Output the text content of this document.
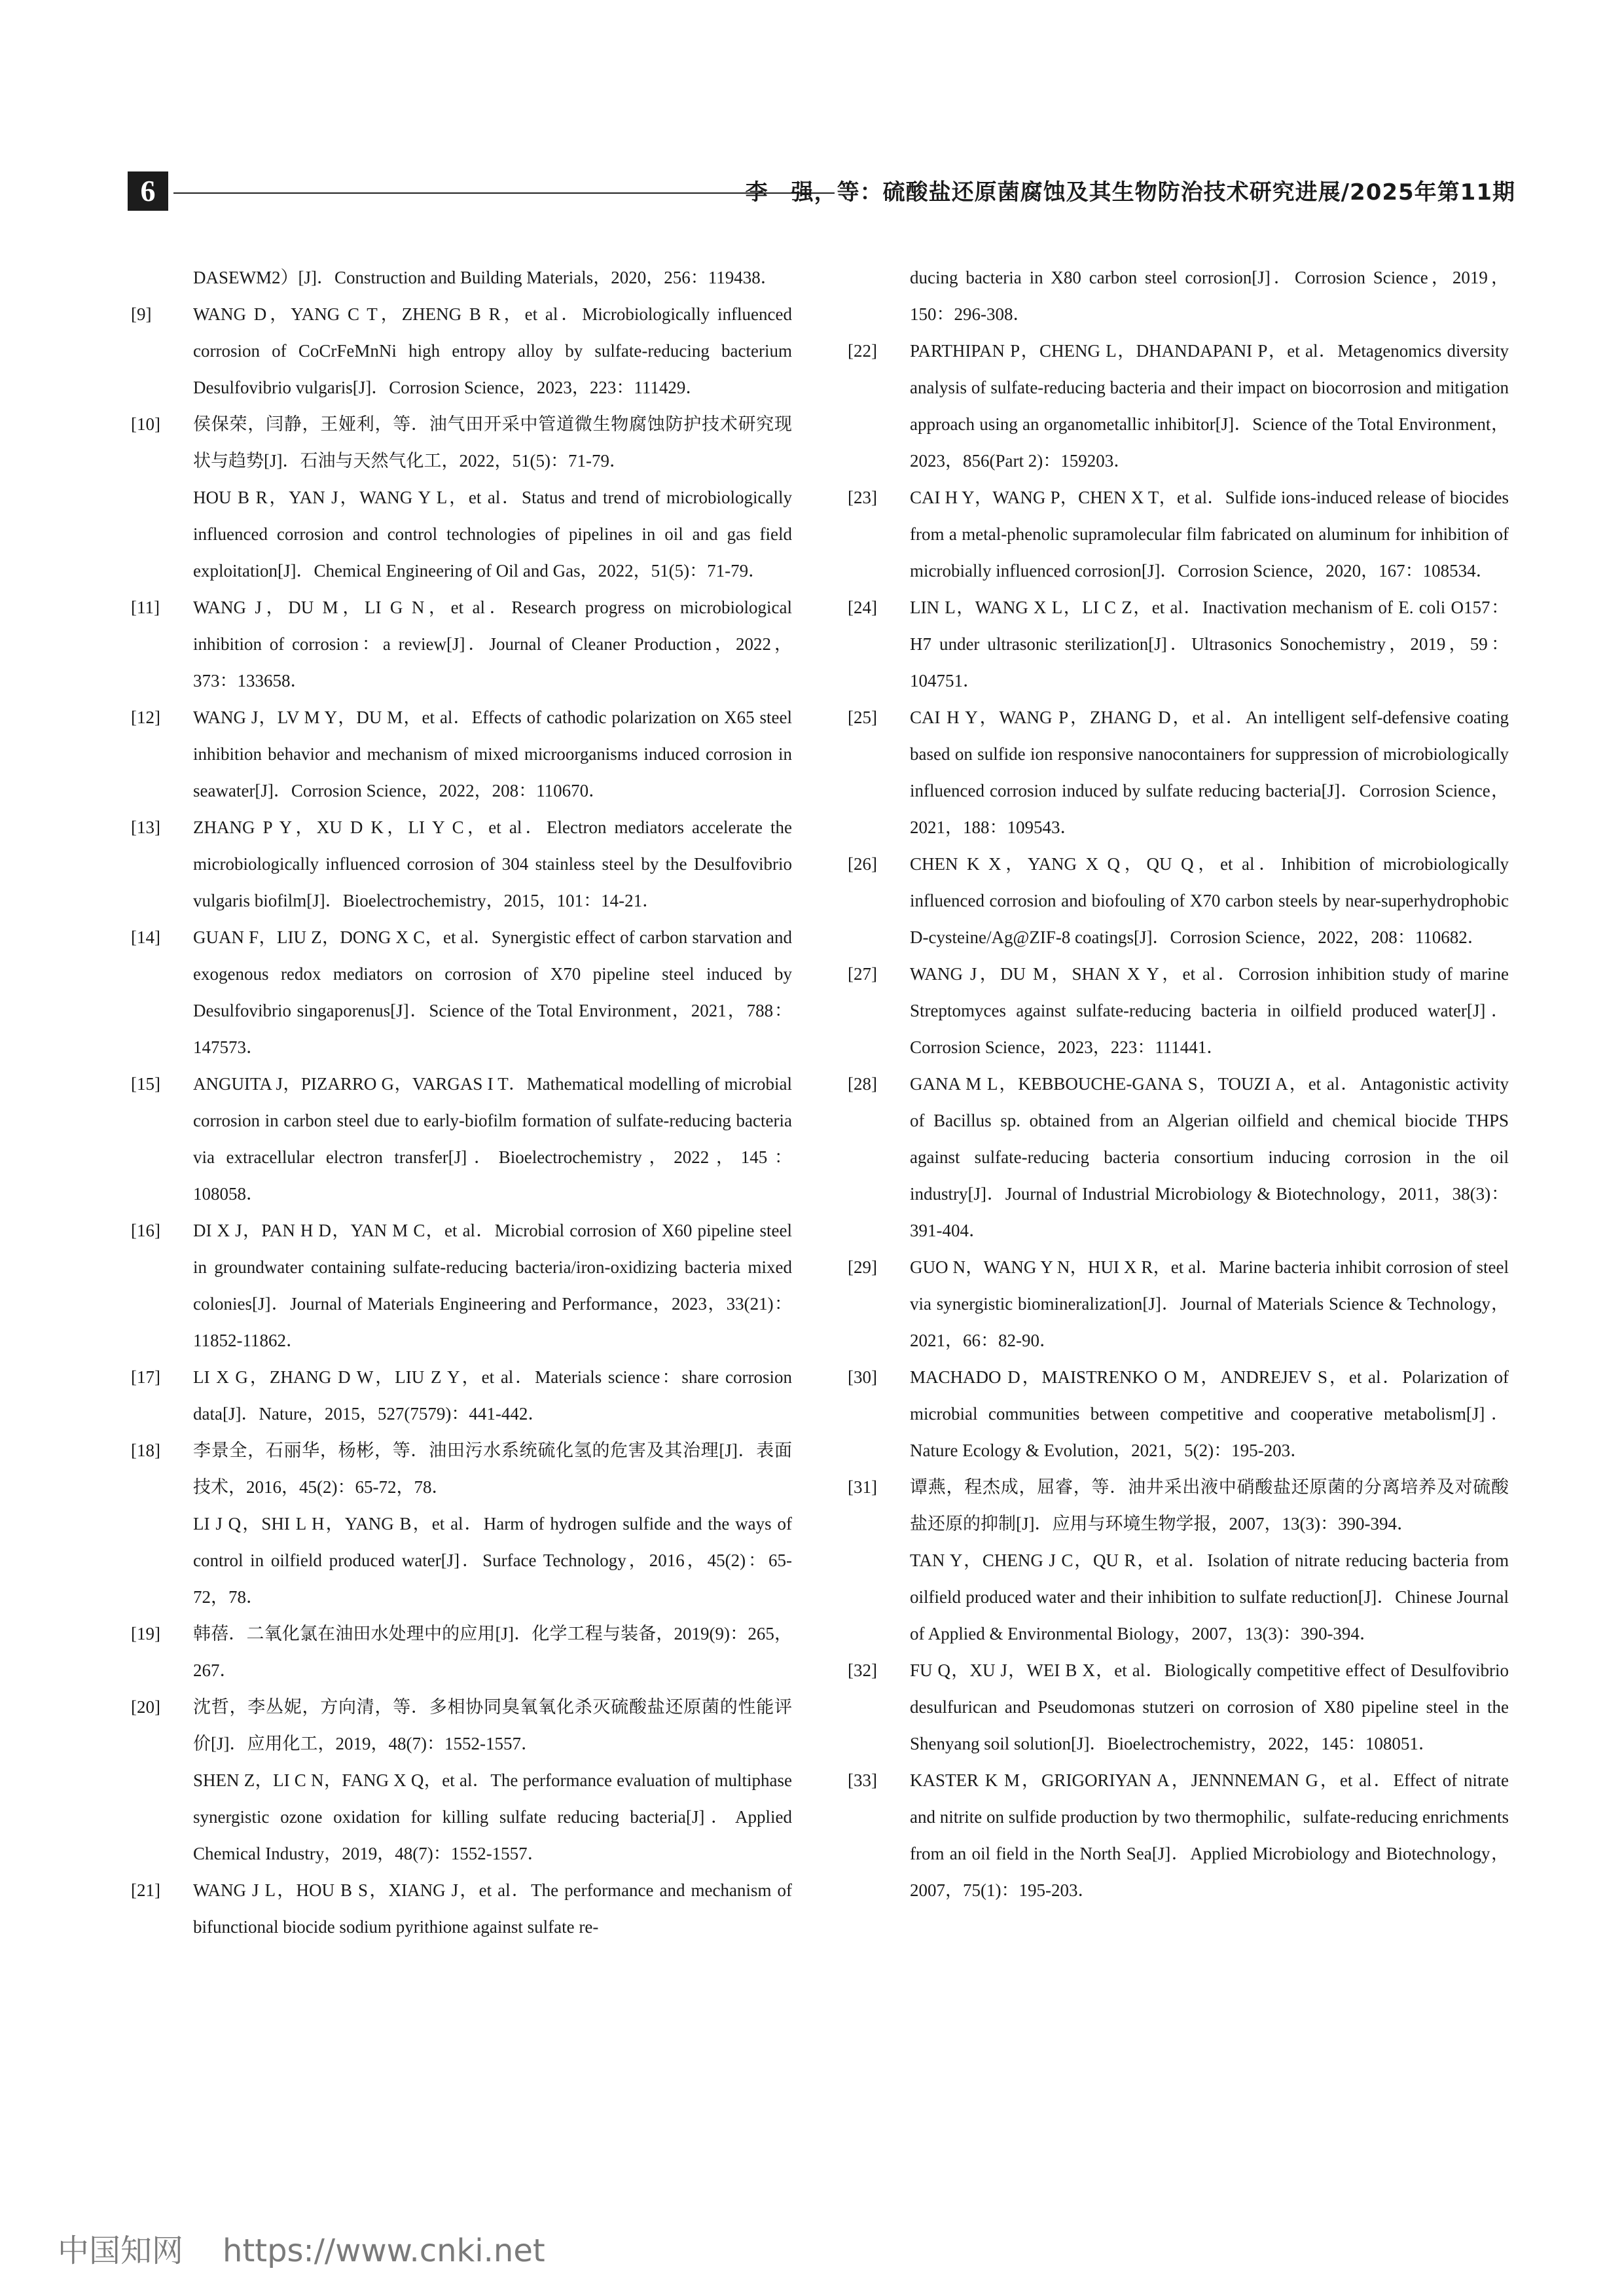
6	李　强，等：硫酸盐还原菌腐蚀及其生物防治技术研究进展/2025年第11期

DASEWM2）[J]．Construction and Building Materials，2020，256：119438．

[9]	WANG D，YANG C T，ZHENG B R，et al．Microbiologically influenced corrosion of CoCrFeMnNi high entropy alloy by sulfate-reducing bacterium Desulfovibrio vulgaris[J]．Corrosion Science，2023，223：111429．

[10]	侯保荣，闫静，王娅利，等．油气田开采中管道微生物腐蚀防护技术研究现状与趋势[J]．石油与天然气化工，2022，51(5)：71-79．

HOU B R，YAN J，WANG Y L，et al．Status and trend of microbiologically influenced corrosion and control technologies of pipelines in oil and gas field exploitation[J]．Chemical Engineering of Oil and Gas，2022，51(5)：71-79．

[11]	WANG J，DU M，LI G N，et al．Research progress on microbiological inhibition of corrosion：a review[J]．Journal of Cleaner Production，2022，373：133658．

[12]	WANG J，LV M Y，DU M，et al．Effects of cathodic polarization on X65 steel inhibition behavior and mechanism of mixed microorganisms induced corrosion in seawater[J]．Corrosion Science，2022，208：110670．

[13]	ZHANG P Y，XU D K，LI Y C，et al．Electron mediators accelerate the microbiologically influenced corrosion of 304 stainless steel by the Desulfovibrio vulgaris biofilm[J]．Bioelectrochemistry，2015，101：14-21．

[14]	GUAN F，LIU Z，DONG X C，et al．Synergistic effect of carbon starvation and exogenous redox mediators on corrosion of X70 pipeline steel induced by Desulfovibrio singaporenus[J]．Science of the Total Environment，2021，788：147573．

[15]	ANGUITA J，PIZARRO G，VARGAS I T．Mathematical modelling of microbial corrosion in carbon steel due to early-biofilm formation of sulfate-reducing bacteria via extracellular electron transfer[J]．Bioelectrochemistry，2022，145：108058．

[16]	DI X J，PAN H D，YAN M C，et al．Microbial corrosion of X60 pipeline steel in groundwater containing sulfate-reducing bacteria/iron-oxidizing bacteria mixed colonies[J]．Journal of Materials Engineering and Performance，2023，33(21)：11852-11862．

[17]	LI X G，ZHANG D W，LIU Z Y，et al．Materials science：share corrosion data[J]．Nature，2015，527(7579)：441-442．

[18]	李景全，石丽华，杨彬，等．油田污水系统硫化氢的危害及其治理[J]．表面技术，2016，45(2)：65-72，78．

LI J Q，SHI L H，YANG B，et al．Harm of hydrogen sulfide and the ways of control in oilfield produced water[J]．Surface Technology，2016，45(2)：65-72，78．

[19]	韩蓓．二氧化氯在油田水处理中的应用[J]．化学工程与装备，2019(9)：265，267．

[20]	沈哲，李丛妮，方向清，等．多相协同臭氧氧化杀灭硫酸盐还原菌的性能评价[J]．应用化工，2019，48(7)：1552-1557．

SHEN Z，LI C N，FANG X Q，et al．The performance evaluation of multiphase synergistic ozone oxidation for killing sulfate reducing bacteria[J]．Applied Chemical Industry，2019，48(7)：1552-1557．

[21]	WANG J L，HOU B S，XIANG J，et al．The performance and mechanism of bifunctional biocide sodium pyrithione against sulfate re-

ducing bacteria in X80 carbon steel corrosion[J]．Corrosion Science，2019，150：296-308．

[22]	PARTHIPAN P，CHENG L，DHANDAPANI P，et al．Metagenomics diversity analysis of sulfate-reducing bacteria and their impact on biocorrosion and mitigation approach using an organometallic inhibitor[J]．Science of the Total Environment，2023，856(Part 2)：159203．

[23]	CAI H Y，WANG P，CHEN X T，et al．Sulfide ions-induced release of biocides from a metal-phenolic supramolecular film fabricated on aluminum for inhibition of microbially influenced corrosion[J]．Corrosion Science，2020，167：108534．

[24]	LIN L，WANG X L，LI C Z，et al．Inactivation mechanism of E. coli O157：H7 under ultrasonic sterilization[J]．Ultrasonics Sonochemistry，2019，59：104751．

[25]	CAI H Y，WANG P，ZHANG D，et al．An intelligent self-defensive coating based on sulfide ion responsive nanocontainers for suppression of microbiologically influenced corrosion induced by sulfate reducing bacteria[J]．Corrosion Science，2021，188：109543．

[26]	CHEN K X，YANG X Q，QU Q，et al．Inhibition of microbiologically influenced corrosion and biofouling of X70 carbon steels by near-superhydrophobic D-cysteine/Ag@ZIF-8 coatings[J]．Corrosion Science，2022，208：110682．

[27]	WANG J，DU M，SHAN X Y，et al．Corrosion inhibition study of marine Streptomyces against sulfate-reducing bacteria in oilfield produced water[J]．Corrosion Science，2023，223：111441．

[28]	GANA M L，KEBBOUCHE-GANA S，TOUZI A，et al．Antagonistic activity of Bacillus sp. obtained from an Algerian oilfield and chemical biocide THPS against sulfate-reducing bacteria consortium inducing corrosion in the oil industry[J]．Journal of Industrial Microbiology & Biotechnology，2011，38(3)：391-404．

[29]	GUO N，WANG Y N，HUI X R，et al．Marine bacteria inhibit corrosion of steel via synergistic biomineralization[J]．Journal of Materials Science & Technology，2021，66：82-90．

[30]	MACHADO D，MAISTRENKO O M，ANDREJEV S，et al．Polarization of microbial communities between competitive and cooperative metabolism[J]．Nature Ecology & Evolution，2021，5(2)：195-203．

[31]	谭燕，程杰成，屈睿，等．油井采出液中硝酸盐还原菌的分离培养及对硫酸盐还原的抑制[J]．应用与环境生物学报，2007，13(3)：390-394．

TAN Y，CHENG J C，QU R，et al．Isolation of nitrate reducing bacteria from oilfield produced water and their inhibition to sulfate reduction[J]．Chinese Journal of Applied & Environmental Biology，2007，13(3)：390-394．

[32]	FU Q，XU J，WEI B X，et al．Biologically competitive effect of Desulfovibrio desulfurican and Pseudomonas stutzeri on corrosion of X80 pipeline steel in the Shenyang soil solution[J]．Bioelectrochemistry，2022，145：108051．

[33]	KASTER K M，GRIGORIYAN A，JENNNEMAN G，et al．Effect of nitrate and nitrite on sulfide production by two thermophilic，sulfate-reducing enrichments from an oil field in the North Sea[J]．Applied Microbiology and Biotechnology，2007，75(1)：195-203．

中国知网 https://www.cnki.net
